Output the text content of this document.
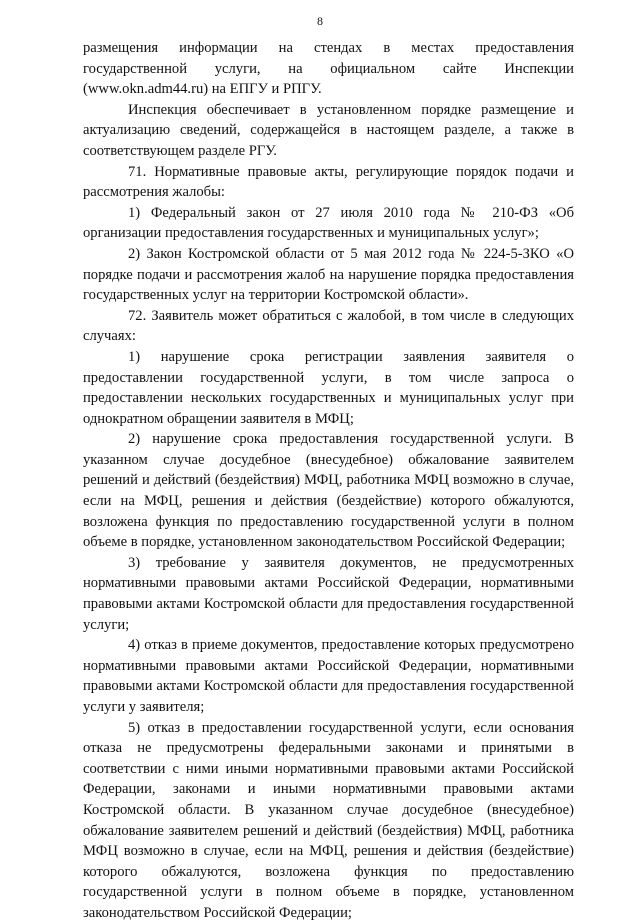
8

размещения информации на стендах в местах предоставления государственной услуги, на официальном сайте Инспекции (www.okn.adm44.ru) на ЕПГУ и РПГУ.

Инспекция обеспечивает в установленном порядке размещение и актуализацию сведений, содержащейся в настоящем разделе, а также в соответствующем разделе РГУ.

71. Нормативные правовые акты, регулирующие порядок подачи и рассмотрения жалобы:

1) Федеральный закон от 27 июля 2010 года № 210-ФЗ «Об организации предоставления государственных и муниципальных услуг»;

2) Закон Костромской области от 5 мая 2012 года № 224-5-ЗКО «О порядке подачи и рассмотрения жалоб на нарушение порядка предоставления государственных услуг на территории Костромской области».

72. Заявитель может обратиться с жалобой, в том числе в следующих случаях:

1) нарушение срока регистрации заявления заявителя о предоставлении государственной услуги, в том числе запроса о предоставлении нескольких государственных и муниципальных услуг при однократном обращении заявителя в МФЦ;

2) нарушение срока предоставления государственной услуги. В указанном случае досудебное (внесудебное) обжалование заявителем решений и действий (бездействия) МФЦ, работника МФЦ возможно в случае, если на МФЦ, решения и действия (бездействие) которого обжалуются, возложена функция по предоставлению государственной услуги в полном объеме в порядке, установленном законодательством Российской Федерации;

3) требование у заявителя документов, не предусмотренных нормативными правовыми актами Российской Федерации, нормативными правовыми актами Костромской области для предоставления государственной услуги;

4) отказ в приеме документов, предоставление которых предусмотрено нормативными правовыми актами Российской Федерации, нормативными правовыми актами Костромской области для предоставления государственной услуги у заявителя;

5) отказ в предоставлении государственной услуги, если основания отказа не предусмотрены федеральными законами и принятыми в соответствии с ними иными нормативными правовыми актами Российской Федерации, законами и иными нормативными правовыми актами Костромской области. В указанном случае досудебное (внесудебное) обжалование заявителем решений и действий (бездействия) МФЦ, работника МФЦ возможно в случае, если на МФЦ, решения и действия (бездействие) которого обжалуются, возложена функция по предоставлению государственной услуги в полном объеме в порядке, установленном законодательством Российской Федерации;
